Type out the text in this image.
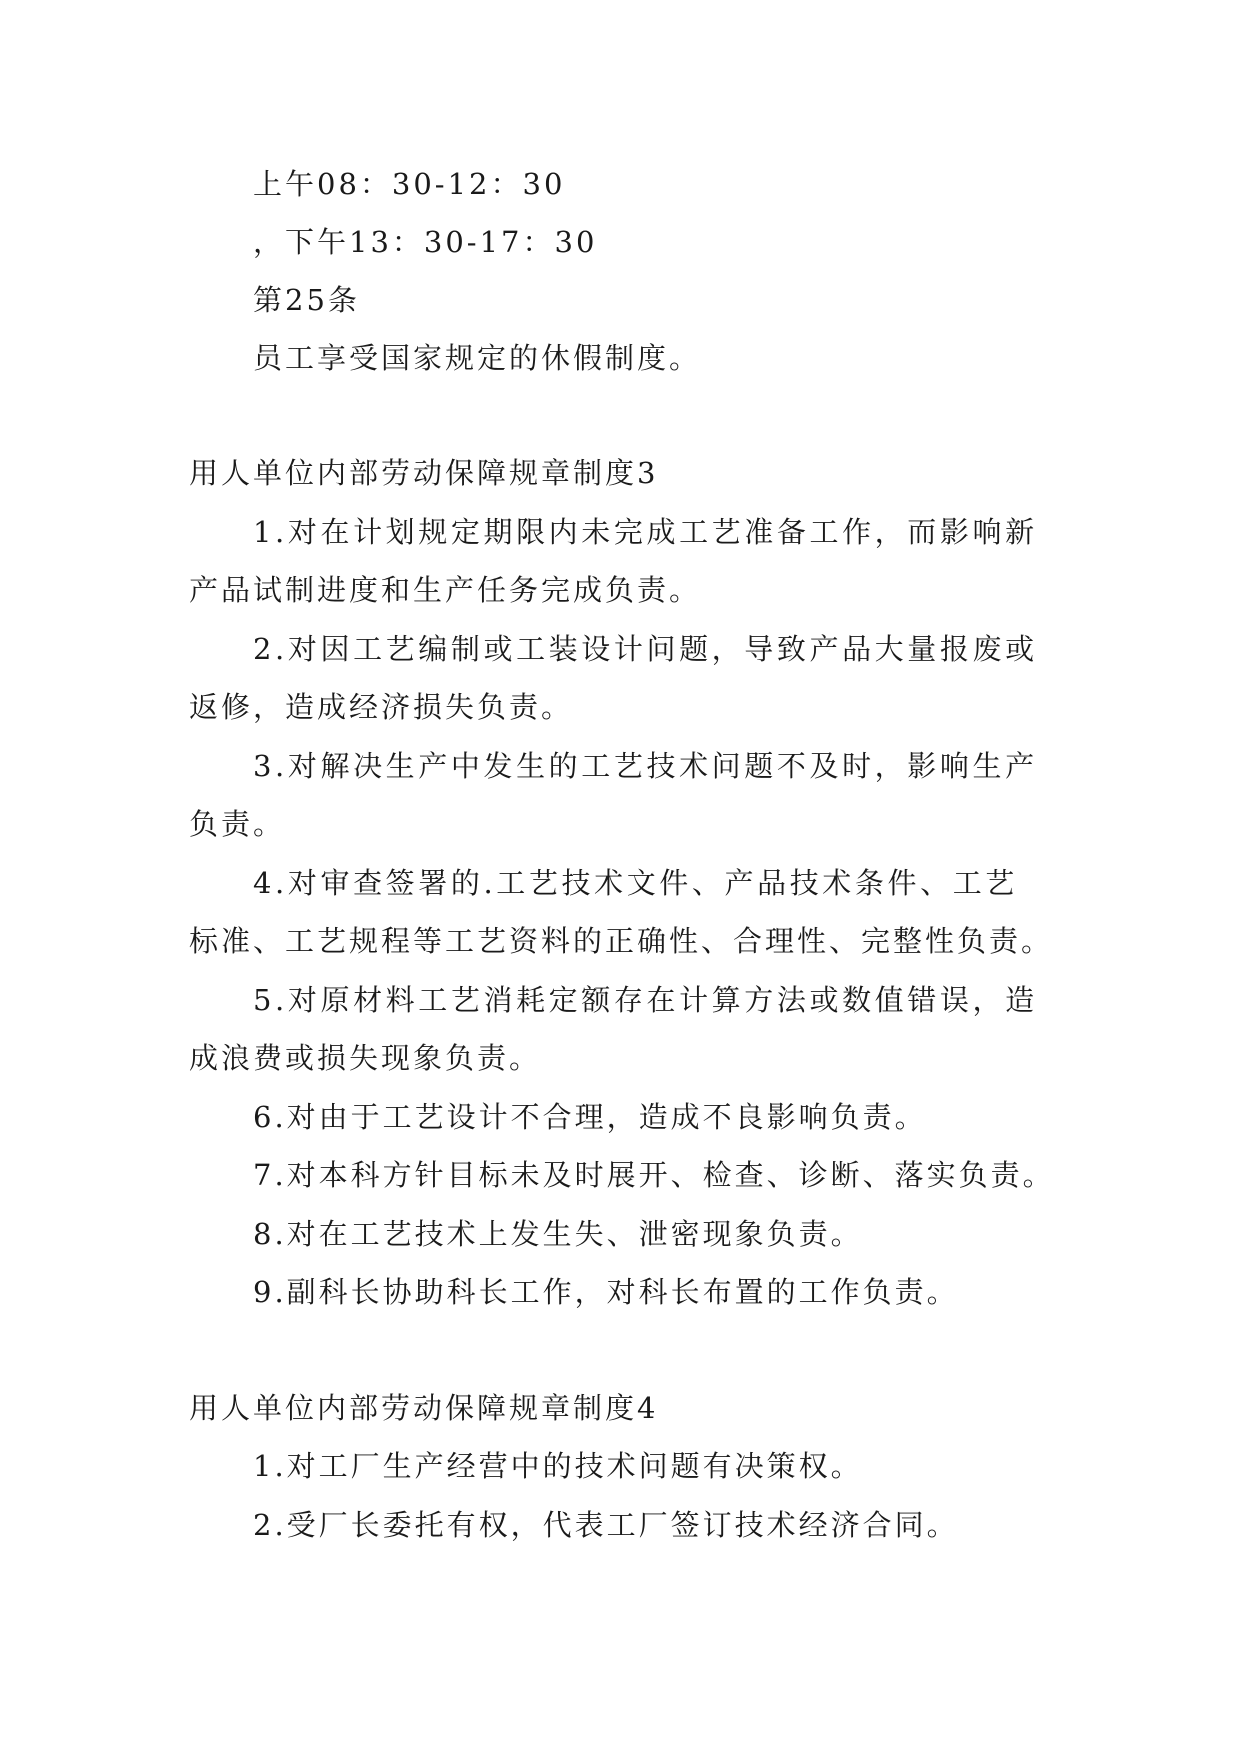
上午08：30-12：30
，下午13：30-17：30
第25条
员工享受国家规定的休假制度。
用人单位内部劳动保障规章制度3
1.对在计划规定期限内未完成工艺准备工作，而影响新
产品试制进度和生产任务完成负责。
2.对因工艺编制或工装设计问题，导致产品大量报废或
返修，造成经济损失负责。
3.对解决生产中发生的工艺技术问题不及时，影响生产
负责。
4.对审查签署的.工艺技术文件、产品技术条件、工艺
标准、工艺规程等工艺资料的正确性、合理性、完整性负责。
5.对原材料工艺消耗定额存在计算方法或数值错误，造
成浪费或损失现象负责。
6.对由于工艺设计不合理，造成不良影响负责。
7.对本科方针目标未及时展开、检查、诊断、落实负责。
8.对在工艺技术上发生失、泄密现象负责。
9.副科长协助科长工作，对科长布置的工作负责。
用人单位内部劳动保障规章制度4
1.对工厂生产经营中的技术问题有决策权。
2.受厂长委托有权，代表工厂签订技术经济合同。
